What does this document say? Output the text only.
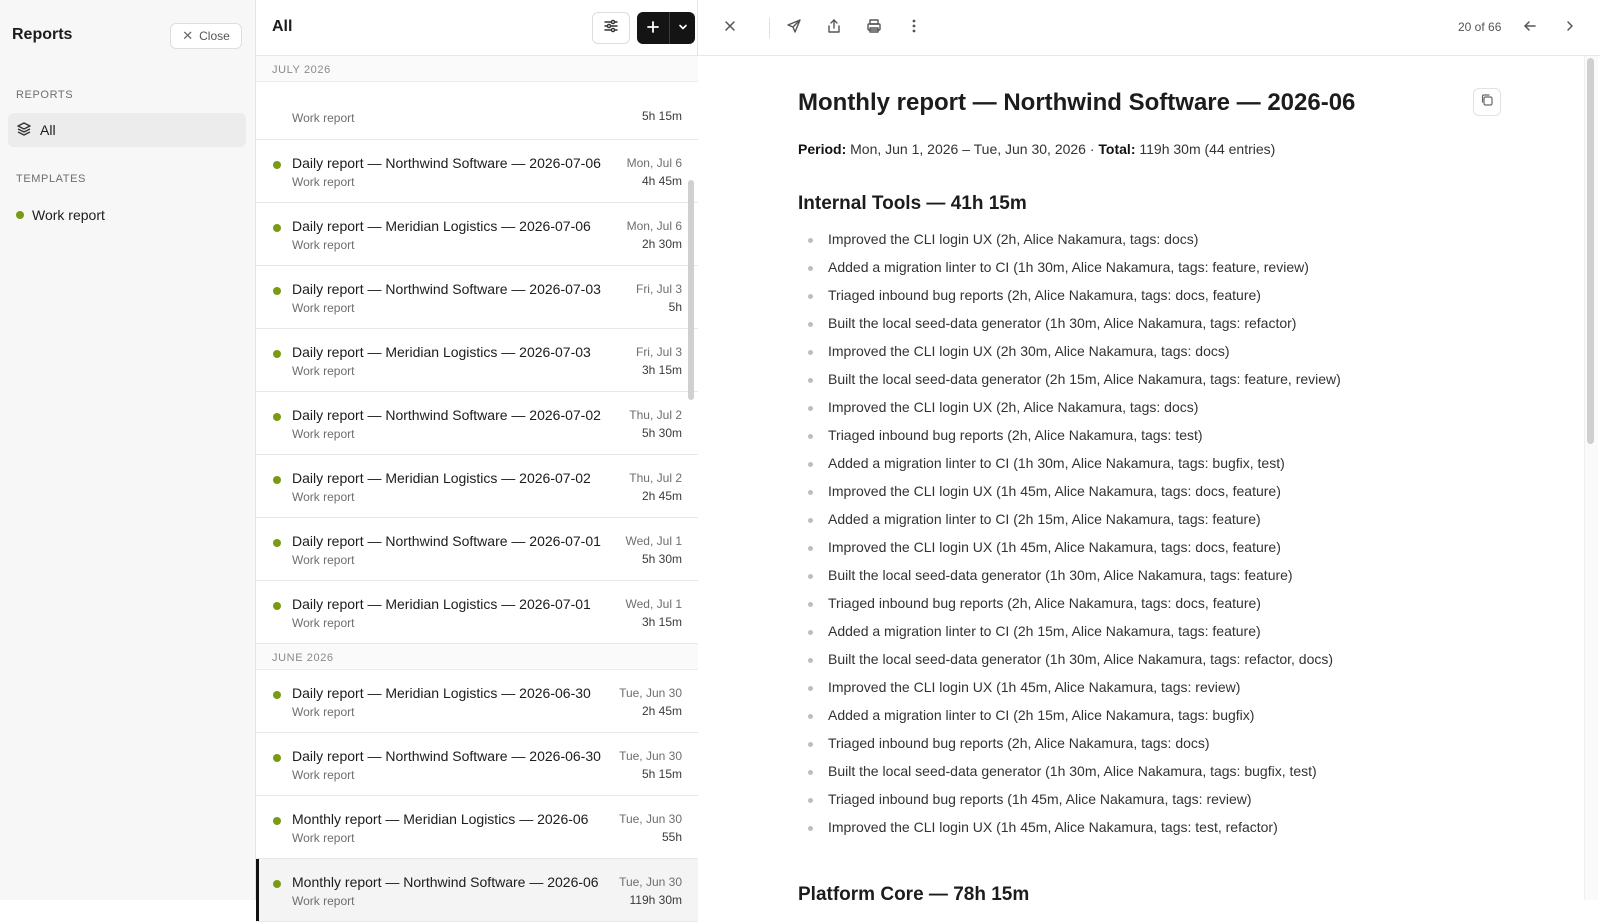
Reports	✕ Close
REPORTS
All
TEMPLATES
Work report
All
JULY 2026
Work report	5h 15m
Daily report — Northwind Software — 2026-07-06	Mon, Jul 6
Work report	4h 45m
Daily report — Meridian Logistics — 2026-07-06	Mon, Jul 6
Work report	2h 30m
Daily report — Northwind Software — 2026-07-03	Fri, Jul 3
Work report	5h
Daily report — Meridian Logistics — 2026-07-03	Fri, Jul 3
Work report	3h 15m
Daily report — Northwind Software — 2026-07-02	Thu, Jul 2
Work report	5h 30m
Daily report — Meridian Logistics — 2026-07-02	Thu, Jul 2
Work report	2h 45m
Daily report — Northwind Software — 2026-07-01	Wed, Jul 1
Work report	5h 30m
Daily report — Meridian Logistics — 2026-07-01	Wed, Jul 1
Work report	3h 15m
JUNE 2026
Daily report — Meridian Logistics — 2026-06-30	Tue, Jun 30
Work report	2h 45m
Daily report — Northwind Software — 2026-06-30	Tue, Jun 30
Work report	5h 15m
Monthly report — Meridian Logistics — 2026-06	Tue, Jun 30
Work report	55h
Monthly report — Northwind Software — 2026-06	Tue, Jun 30
Work report	119h 30m
20 of 66
Monthly report — Northwind Software — 2026-06
Period: Mon, Jun 1, 2026 – Tue, Jun 30, 2026 · Total: 119h 30m (44 entries)
Internal Tools — 41h 15m
Improved the CLI login UX (2h, Alice Nakamura, tags: docs)
Added a migration linter to CI (1h 30m, Alice Nakamura, tags: feature, review)
Triaged inbound bug reports (2h, Alice Nakamura, tags: docs, feature)
Built the local seed-data generator (1h 30m, Alice Nakamura, tags: refactor)
Improved the CLI login UX (2h 30m, Alice Nakamura, tags: docs)
Built the local seed-data generator (2h 15m, Alice Nakamura, tags: feature, review)
Improved the CLI login UX (2h, Alice Nakamura, tags: docs)
Triaged inbound bug reports (2h, Alice Nakamura, tags: test)
Added a migration linter to CI (1h 30m, Alice Nakamura, tags: bugfix, test)
Improved the CLI login UX (1h 45m, Alice Nakamura, tags: docs, feature)
Added a migration linter to CI (2h 15m, Alice Nakamura, tags: feature)
Improved the CLI login UX (1h 45m, Alice Nakamura, tags: docs, feature)
Built the local seed-data generator (1h 30m, Alice Nakamura, tags: feature)
Triaged inbound bug reports (2h, Alice Nakamura, tags: docs, feature)
Added a migration linter to CI (2h 15m, Alice Nakamura, tags: feature)
Built the local seed-data generator (1h 30m, Alice Nakamura, tags: refactor, docs)
Improved the CLI login UX (1h 45m, Alice Nakamura, tags: review)
Added a migration linter to CI (2h 15m, Alice Nakamura, tags: bugfix)
Triaged inbound bug reports (2h, Alice Nakamura, tags: docs)
Built the local seed-data generator (1h 30m, Alice Nakamura, tags: bugfix, test)
Triaged inbound bug reports (1h 45m, Alice Nakamura, tags: review)
Improved the CLI login UX (1h 45m, Alice Nakamura, tags: test, refactor)
Platform Core — 78h 15m
